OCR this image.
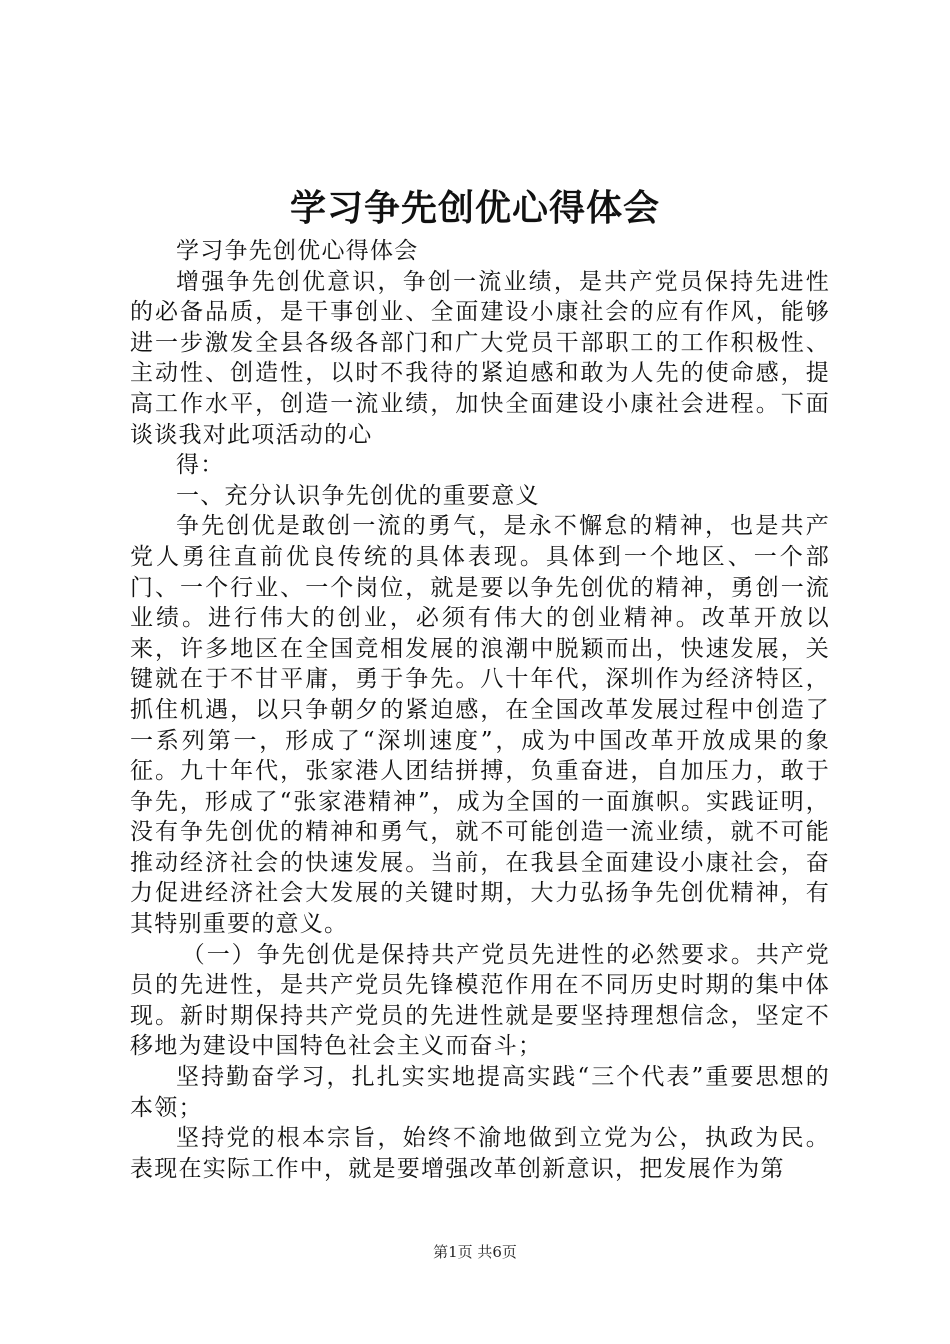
学习争先创优心得体会

学习争先创优心得体会

增强争先创优意识，争创一流业绩，是共产党员保持先进性的必备品质，是干事创业、全面建设小康社会的应有作风，能够进一步激发全县各级各部门和广大党员干部职工的工作积极性、主动性、创造性，以时不我待的紧迫感和敢为人先的使命感，提高工作水平，创造一流业绩，加快全面建设小康社会进程。下面谈谈我对此项活动的心

得：

一、充分认识争先创优的重要意义

争先创优是敢创一流的勇气，是永不懈怠的精神，也是共产党人勇往直前优良传统的具体表现。具体到一个地区、一个部门、一个行业、一个岗位，就是要以争先创优的精神，勇创一流业绩。进行伟大的创业，必须有伟大的创业精神。改革开放以来，许多地区在全国竞相发展的浪潮中脱颖而出，快速发展，关键就在于不甘平庸，勇于争先。八十年代，深圳作为经济特区，抓住机遇，以只争朝夕的紧迫感，在全国改革发展过程中创造了一系列第一，形成了“深圳速度”，成为中国改革开放成果的象征。九十年代，张家港人团结拼搏，负重奋进，自加压力，敢于争先，形成了“张家港精神”，成为全国的一面旗帜。实践证明，没有争先创优的精神和勇气，就不可能创造一流业绩，就不可能推动经济社会的快速发展。当前，在我县全面建设小康社会，奋力促进经济社会大发展的关键时期，大力弘扬争先创优精神，有其特别重要的意义。

（一）争先创优是保持共产党员先进性的必然要求。共产党员的先进性，是共产党员先锋模范作用在不同历史时期的集中体现。新时期保持共产党员的先进性就是要坚持理想信念，坚定不移地为建设中国特色社会主义而奋斗；

坚持勤奋学习，扎扎实实地提高实践“三个代表”重要思想的本领；

坚持党的根本宗旨，始终不渝地做到立党为公，执政为民。表现在实际工作中，就是要增强改革创新意识，把发展作为第

第1页 共6页
